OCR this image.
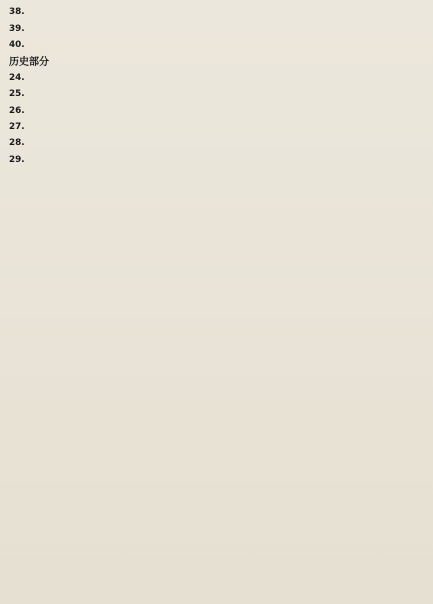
38.

39.

40.

历史部分

24.

25.

26.

27.

28.

29.
